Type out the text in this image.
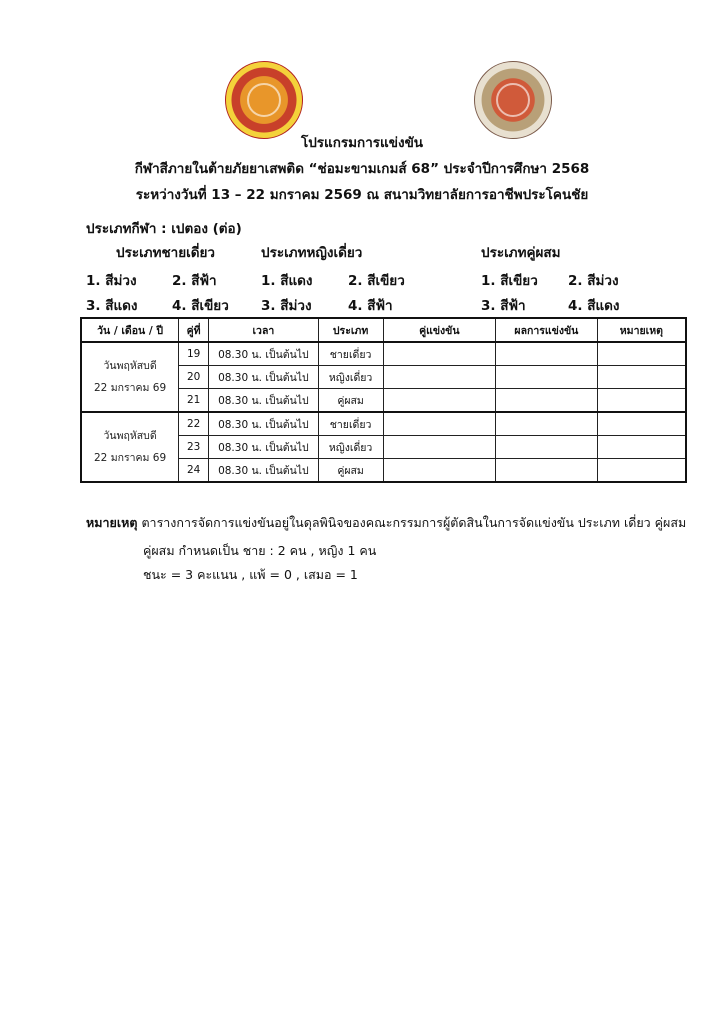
โปรแกรมการแข่งขัน
กีฬาสีภายในต้ายภัยยาเสพติด “ช่อมะขามเกมส์ 68” ประจำปีการศึกษา 2568
ระหว่างวันที่ 13 – 22 มกราคม 2569 ณ สนามวิทยาลัยการอาชีพประโคนชัย
ประเภทกีฬา : เปตอง (ต่อ)
ประเภทชายเดี่ยว
1. สีม่วง	2. สีฟ้า
3. สีแดง	4. สีเขียว
ประเภทหญิงเดี่ยว
1. สีแดง	2. สีเขียว
3. สีม่วง	4. สีฟ้า
ประเภทคู่ผสม
1. สีเขียว 2. สีม่วง
3. สีฟ้า	4. สีแดง
วัน / เดือน / ปี	คู่ที่	เวลา	ประเภท	คู่แข่งขัน	ผลการแข่งขัน	หมายเหตุ

วันพฤหัสบดี
22 มกราคม 69	19	08.30 น. เป็นต้นไป	ชายเดี่ยว			
	20	08.30 น. เป็นต้นไป	หญิงเดี่ยว			
	21	08.30 น. เป็นต้นไป	คู่ผสม			

วันพฤหัสบดี
22 มกราคม 69	22	08.30 น. เป็นต้นไป	ชายเดี่ยว			
	23	08.30 น. เป็นต้นไป	หญิงเดี่ยว			
	24	08.30 น. เป็นต้นไป	คู่ผสม			
หมายเหตุ ตารางการจัดการแข่งขันอยู่ในดุลพินิจของคณะกรรมการผู้ตัดสินในการจัดแข่งขัน ประเภท เดี่ยว คู่ผสม
คู่ผสม กำหนดเป็น ชาย : 2 คน , หญิง 1 คน
ชนะ = 3 คะแนน , แพ้ = 0 , เสมอ = 1
